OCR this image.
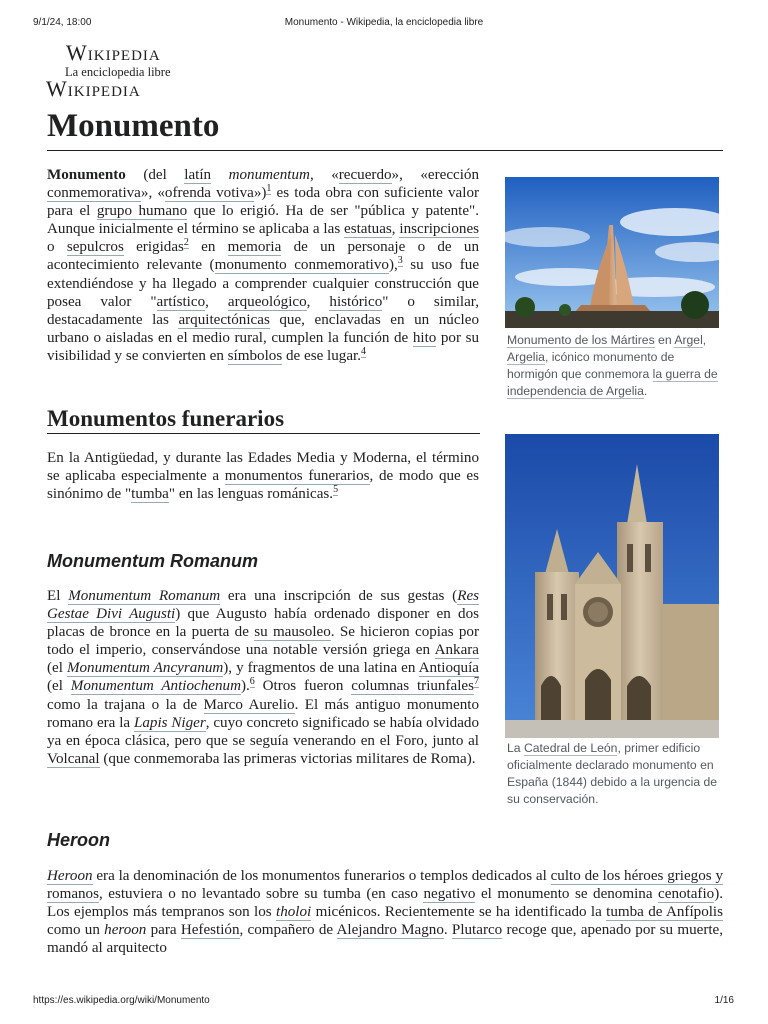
9/1/24, 18:00	Monumento - Wikipedia, la enciclopedia libre
Wikipedia
La enciclopedia libre
Wikipedia
Monumento

Monumento (del latín monumentum, «recuerdo», «erección conmemorativa», «ofrenda votiva»)$^1$ es toda obra con suficiente valor para el grupo humano que lo erigió. Ha de ser "pública y patente". Aunque inicialmente el término se aplicaba a las estatuas, inscripciones o sepulcros erigidas$^2$ en memoria de un personaje o de un acontecimiento relevante (monumento conmemorativo),$^3$ su uso fue extendiéndose y ha llegado a comprender cualquier construcción que posea valor "artístico, arqueológico, histórico" o similar, destacadamente las arquitectónicas que, enclavadas en un núcleo urbano o aisladas en el medio rural, cumplen la función de hito por su visibilidad y se convierten en símbolos de ese lugar.$^4$

Monumento de los Mártires en Argel, Argelia, icónico monumento de hormigón que conmemora la guerra de independencia de Argelia.
Monumentos funerarios

En la Antigüedad, y durante las Edades Media y Moderna, el término se aplicaba especialmente a monumentos funerarios, de modo que es sinónimo de "tumba" en las lenguas románicas.$^5$

Monumentum Romanum

El Monumentum Romanum era una inscripción de sus gestas (Res Gestae Divi Augusti) que Augusto había ordenado disponer en dos placas de bronce en la puerta de su mausoleo. Se hicieron copias por todo el imperio, conservándose una notable versión griega en Ankara (el Monumentum Ancyranum), y fragmentos de una latina en Antioquía (el Monumentum Antiochenum).$^6$ Otros fueron columnas triunfales$^7$ como la trajana o la de Marco Aurelio. El más antiguo monumento romano era la Lapis Niger, cuyo concreto significado se había olvidado ya en época clásica, pero que se seguía venerando en el Foro, junto al Volcanal (que conmemoraba las primeras victorias militares de Roma).

La Catedral de León, primer edificio oficialmente declarado monumento en España (1844) debido a la urgencia de su conservación.
Heroon

Heroon era la denominación de los monumentos funerarios o templos dedicados al culto de los héroes griegos y romanos, estuviera o no levantado sobre su tumba (en caso negativo el monumento se denomina cenotafio). Los ejemplos más tempranos son los tholoi micénicos. Recientemente se ha identificado la tumba de Anfípolis como un heroon para Hefestión, compañero de Alejandro Magno. Plutarco recoge que, apenado por su muerte, mandó al arquitecto

https://es.wikipedia.org/wiki/Monumento	1/16
